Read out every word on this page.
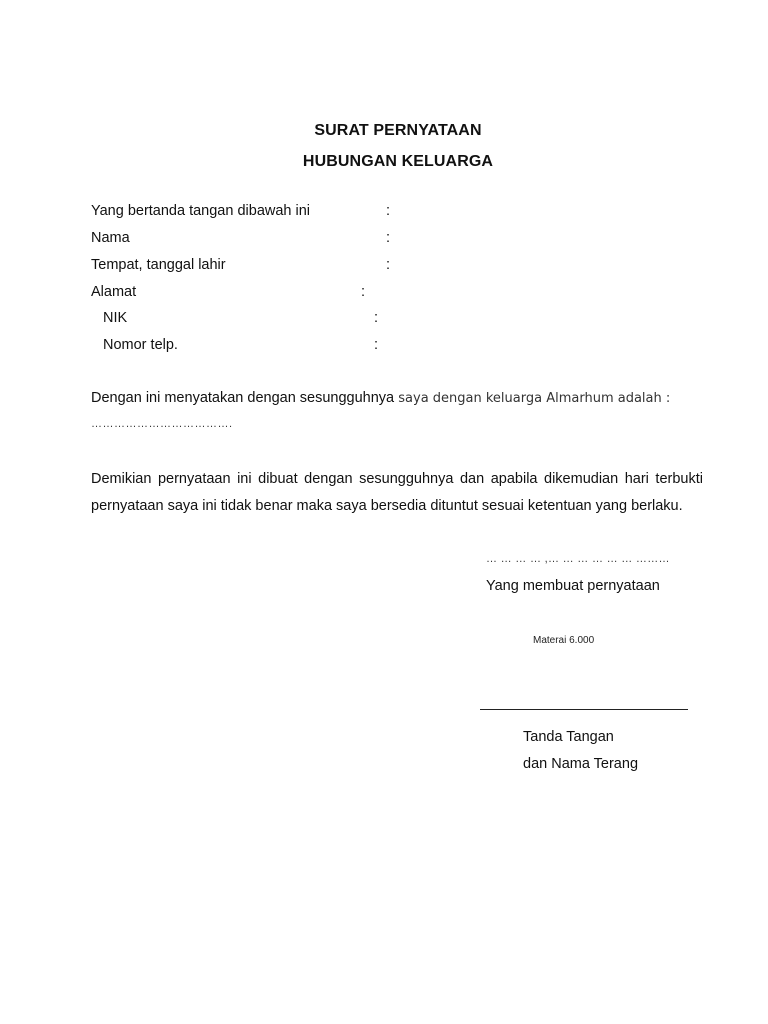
SURAT PERNYATAAN
HUBUNGAN KELUARGA
Yang bertanda tangan dibawah ini	:
Nama	:
Tempat, tanggal lahir	:
Alamat	:
NIK	:
Nomor telp.	:
Dengan ini menyatakan dengan sesungguhnya saya dengan keluarga Almarhum adalah :
……………………………….
Demikian pernyataan ini dibuat dengan sesungguhnya dan apabila dikemudian hari terbukti pernyataan saya ini tidak benar maka saya bersedia dituntut sesuai ketentuan yang berlaku.
… … … … ,… … … … … … ………
Yang membuat pernyataan
Materai 6.000
Tanda Tangan
dan Nama Terang
